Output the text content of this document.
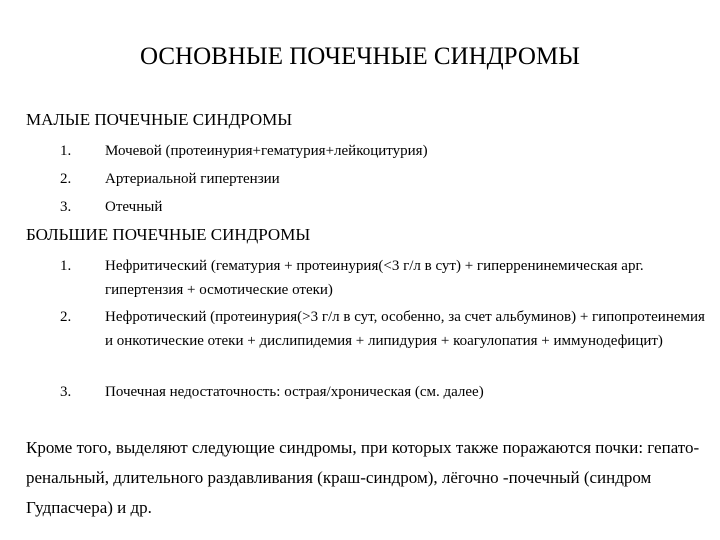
ОСНОВНЫЕ ПОЧЕЧНЫЕ СИНДРОМЫ
МАЛЫЕ ПОЧЕЧНЫЕ СИНДРОМЫ
1.	Мочевой (протеинурия+гематурия+лейкоцитурия)
2.	Артериальной гипертензии
3.	Отечный
БОЛЬШИЕ ПОЧЕЧНЫЕ СИНДРОМЫ
1.	Нефритический (гематурия + протеинурия(<3 г/л в сут) + гиперренинемическая арг. гипертензия + осмотические отеки)
2.	Нефротический (протеинурия(>3 г/л в сут, особенно, за счет альбуминов) + гипопротеинемия и онкотические отеки + дислипидемия + липидурия + коагулопатия + иммунодефицит)
3.	Почечная недостаточность: острая/хроническая (см. далее)
Кроме того, выделяют следующие синдромы, при которых также поражаются почки: гепато-ренальный, длительного раздавливания (краш-синдром), лёгочно -почечный (синдром Гудпасчера) и др.
